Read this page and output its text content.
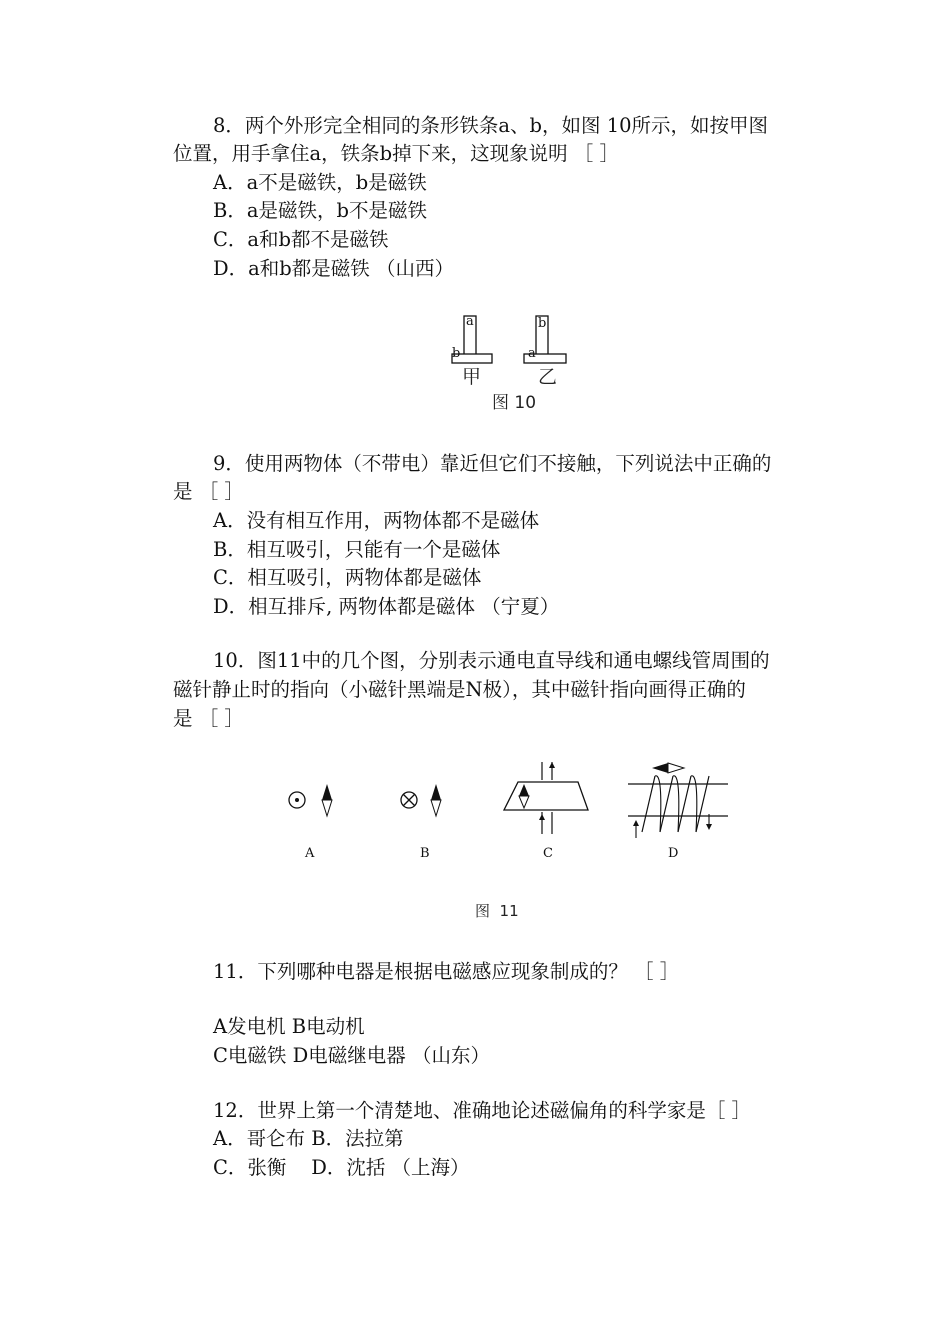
8．两个外形完全相同的条形铁条a、b，如图 10所示，如按甲图
位置，用手拿住a，铁条b掉下来，这现象说明 ［ ］
A．a不是磁铁，b是磁铁
B．a是磁铁，b不是磁铁
C．a和b都不是磁铁
D．a和b都是磁铁 （山西）
a
b
b
a
甲	乙
图 10
9．使用两物体（不带电）靠近但它们不接触，下列说法中正确的
是 ［ ］
A．没有相互作用，两物体都不是磁体
B．相互吸引，只能有一个是磁体
C．相互吸引，两物体都是磁体
D．相互排斥, 两物体都是磁体 （宁夏）
10．图11中的几个图，分别表示通电直导线和通电螺线管周围的
磁针静止时的指向（小磁针黑端是N极），其中磁针指向画得正确的
是 ［ ］
A	B	C	D
图  11
11．下列哪种电器是根据电磁感应现象制成的？ ［ ］
A发电机 B电动机
C电磁铁 D电磁继电器 （山东）
12．世界上第一个清楚地、准确地论述磁偏角的科学家是［ ］
A．哥仑布 B．法拉第
C．张衡    D．沈括 （上海）
